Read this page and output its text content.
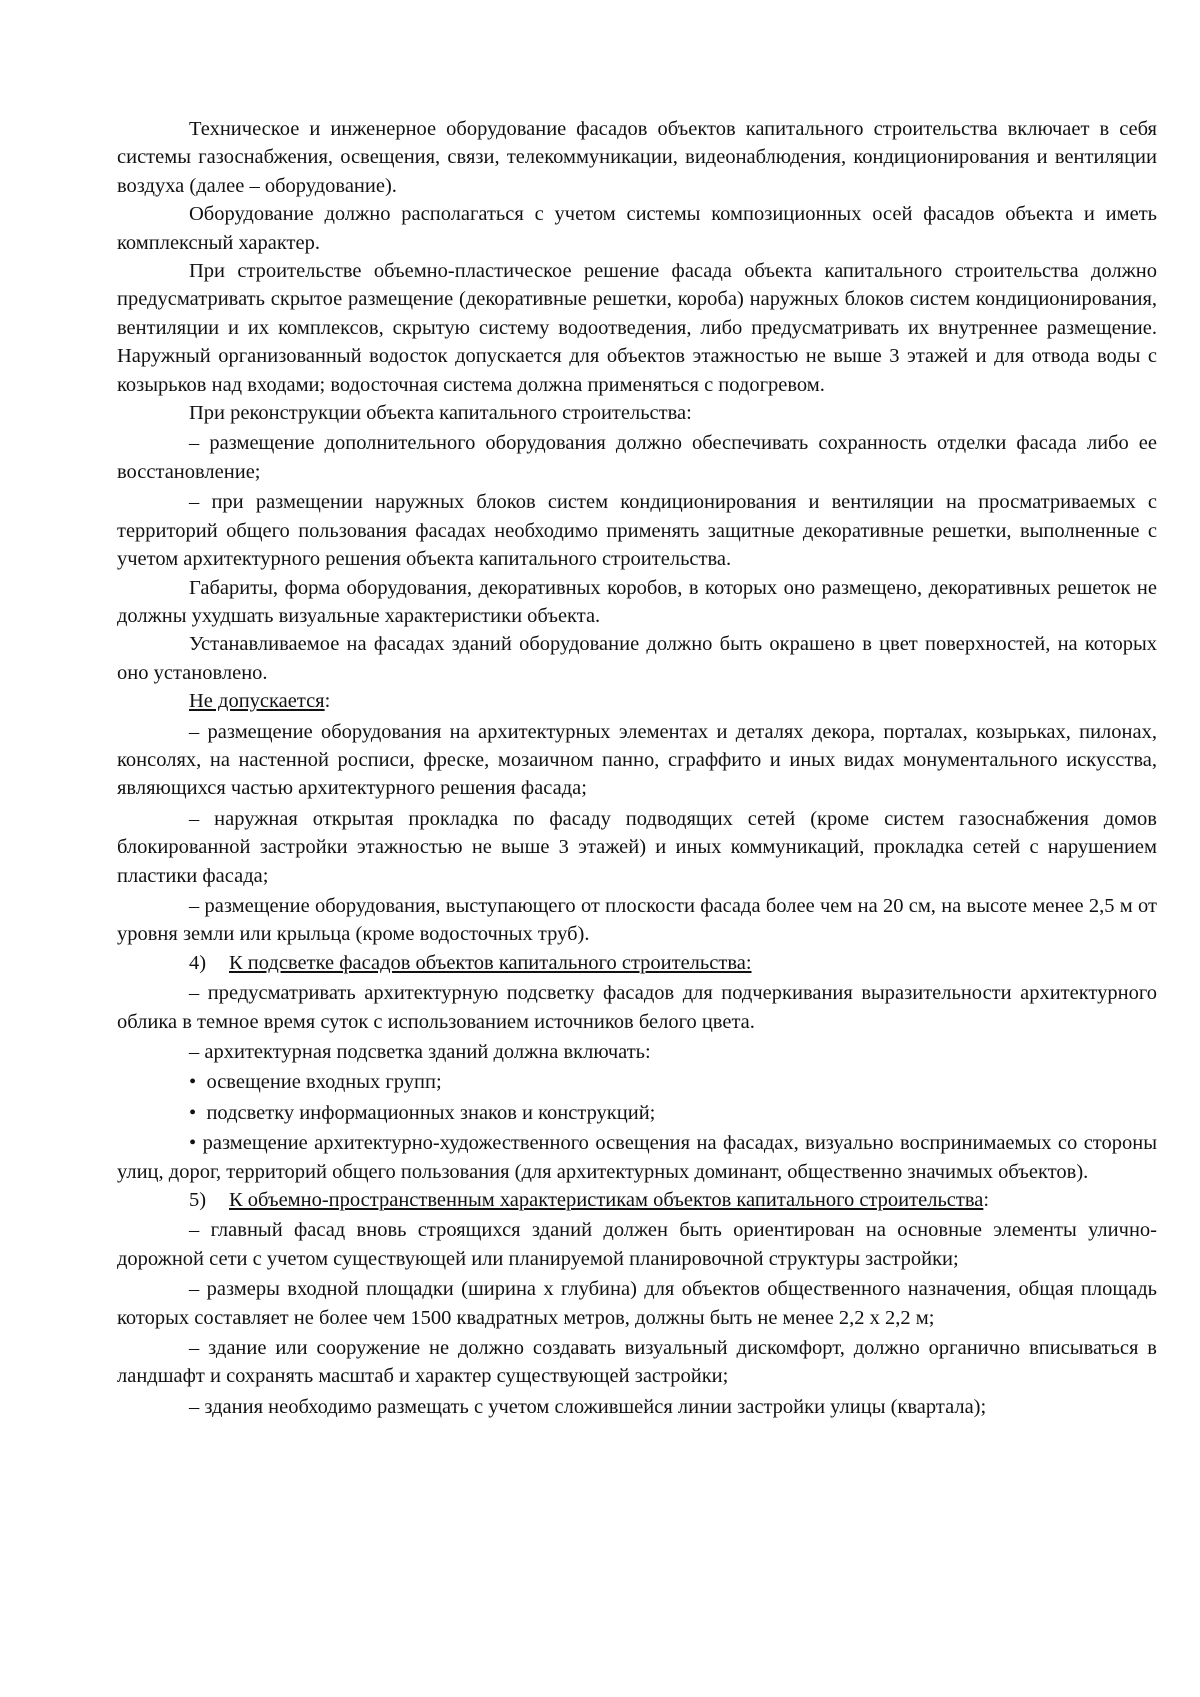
Техническое и инженерное оборудование фасадов объектов капитального строительства включает в себя системы газоснабжения, освещения, связи, телекоммуникации, видеонаблюдения, кондиционирования и вентиляции воздуха (далее – оборудование).

Оборудование должно располагаться с учетом системы композиционных осей фасадов объекта и иметь комплексный характер.

При строительстве объемно-пластическое решение фасада объекта капитального строительства должно предусматривать скрытое размещение (декоративные решетки, короба) наружных блоков систем кондиционирования, вентиляции и их комплексов, скрытую систему водоотведения, либо предусматривать их внутреннее размещение. Наружный организованный водосток допускается для объектов этажностью не выше 3 этажей и для отвода воды с козырьков над входами; водосточная система должна применяться с подогревом.

При реконструкции объекта капитального строительства:

– размещение дополнительного оборудования должно обеспечивать сохранность отделки фасада либо ее восстановление;

– при размещении наружных блоков систем кондиционирования и вентиляции на просматриваемых с территорий общего пользования фасадах необходимо применять защитные декоративные решетки, выполненные с учетом архитектурного решения объекта капитального строительства.

Габариты, форма оборудования, декоративных коробов, в которых оно размещено, декоративных решеток не должны ухудшать визуальные характеристики объекта.

Устанавливаемое на фасадах зданий оборудование должно быть окрашено в цвет поверхностей, на которых оно установлено.

Не допускается:

– размещение оборудования на архитектурных элементах и деталях декора, порталах, козырьках, пилонах, консолях, на настенной росписи, фреске, мозаичном панно, сграффито и иных видах монументального искусства, являющихся частью архитектурного решения фасада;

– наружная открытая прокладка по фасаду подводящих сетей (кроме систем газоснабжения домов блокированной застройки этажностью не выше 3 этажей) и иных коммуникаций, прокладка сетей с нарушением пластики фасада;

– размещение оборудования, выступающего от плоскости фасада более чем на 20 см, на высоте менее 2,5 м от уровня земли или крыльца (кроме водосточных труб).

4) К подсветке фасадов объектов капитального строительства:

– предусматривать архитектурную подсветку фасадов для подчеркивания выразительности архитектурного облика в темное время суток с использованием источников белого цвета.

– архитектурная подсветка зданий должна включать:

• освещение входных групп;

• подсветку информационных знаков и конструкций;

• размещение архитектурно-художественного освещения на фасадах, визуально воспринимаемых со стороны улиц, дорог, территорий общего пользования (для архитектурных доминант, общественно значимых объектов).

5) К объемно-пространственным характеристикам объектов капитального строительства:

– главный фасад вновь строящихся зданий должен быть ориентирован на основные элементы улично-дорожной сети с учетом существующей или планируемой планировочной структуры застройки;

– размеры входной площадки (ширина х глубина) для объектов общественного назначения, общая площадь которых составляет не более чем 1500 квадратных метров, должны быть не менее 2,2 х 2,2 м;

– здание или сооружение не должно создавать визуальный дискомфорт, должно органично вписываться в ландшафт и сохранять масштаб и характер существующей застройки;

– здания необходимо размещать с учетом сложившейся линии застройки улицы (квартала);
